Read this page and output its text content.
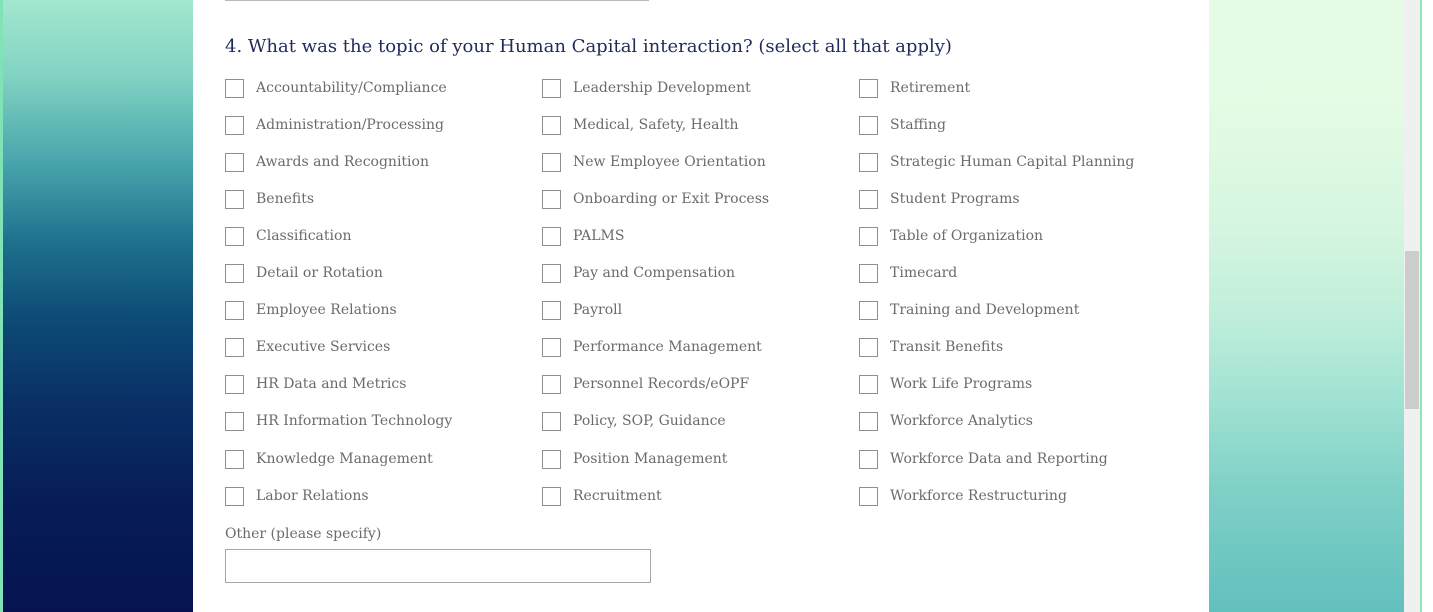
4. What was the topic of your Human Capital interaction? (select all that apply)
Accountability/Compliance
Administration/Processing
Awards and Recognition
Benefits
Classification
Detail or Rotation
Employee Relations
Executive Services
HR Data and Metrics
HR Information Technology
Knowledge Management
Labor Relations
Leadership Development
Medical, Safety, Health
New Employee Orientation
Onboarding or Exit Process
PALMS
Pay and Compensation
Payroll
Performance Management
Personnel Records/eOPF
Policy, SOP, Guidance
Position Management
Recruitment
Retirement
Staffing
Strategic Human Capital Planning
Student Programs
Table of Organization
Timecard
Training and Development
Transit Benefits
Work Life Programs
Workforce Analytics
Workforce Data and Reporting
Workforce Restructuring
Other (please specify)
